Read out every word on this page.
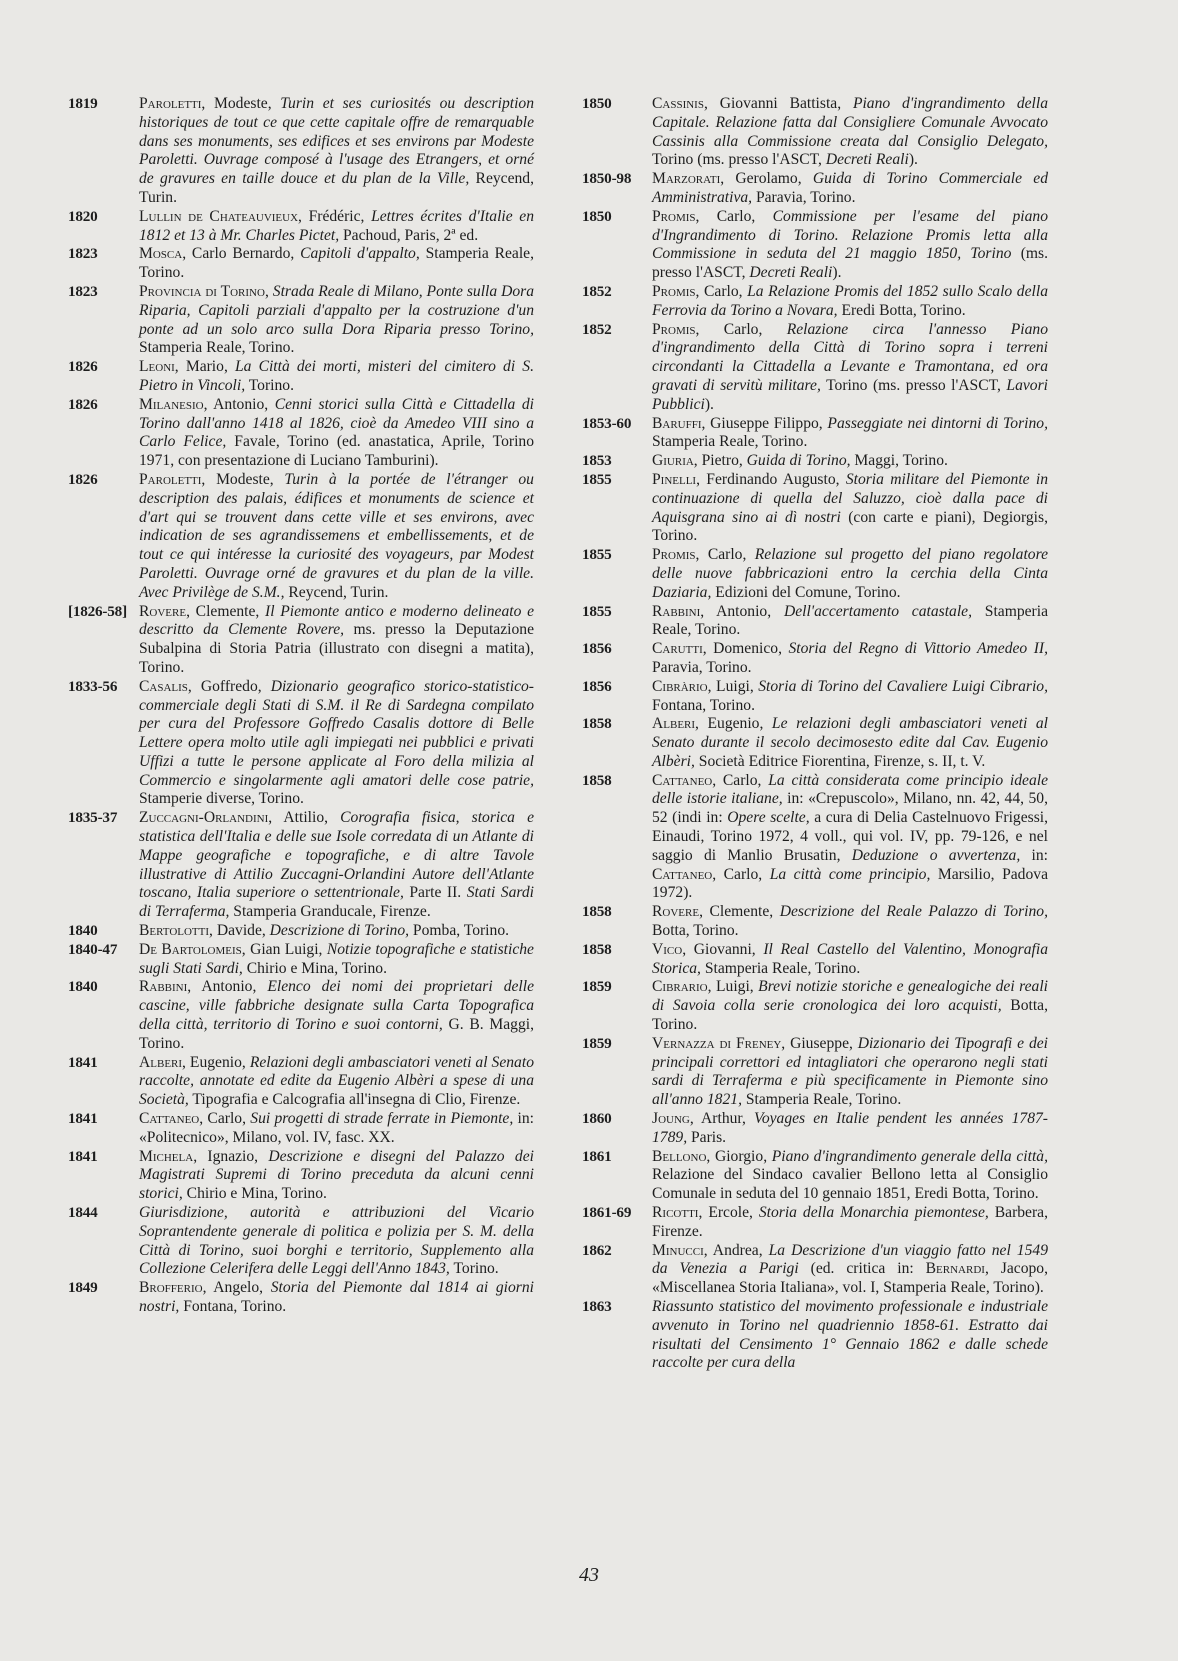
1819	Paroletti, Modeste, Turin et ses curiosités ou description historiques de tout ce que cette capitale offre de remarquable dans ses monuments, ses edifices et ses environs par Modeste Paroletti. Ouvrage composé à l'usage des Etrangers, et orné de gravures en taille douce et du plan de la Ville, Reycend, Turin.
1820	Lullin de Chateauvieux, Frédéric, Lettres écrites d'Italie en 1812 et 13 à Mr. Charles Pictet, Pachoud, Paris, 2ª ed.
1823	Mosca, Carlo Bernardo, Capitoli d'appalto, Stamperia Reale, Torino.
1823	Provincia di Torino, Strada Reale di Milano, Ponte sulla Dora Riparia, Capitoli parziali d'appalto per la costruzione d'un ponte ad un solo arco sulla Dora Riparia presso Torino, Stamperia Reale, Torino.
1826	Leoni, Mario, La Città dei morti, misteri del cimitero di S. Pietro in Vincoli, Torino.
1826	Milanesio, Antonio, Cenni storici sulla Città e Cittadella di Torino dall'anno 1418 al 1826, cioè da Amedeo VIII sino a Carlo Felice, Favale, Torino (ed. anastatica, Aprile, Torino 1971, con presentazione di Luciano Tamburini).
1826	Paroletti, Modeste, Turin à la portée de l'étranger ou description des palais, édifices et monuments de science et d'art qui se trouvent dans cette ville et ses environs, avec indication de ses agrandissemens et embellissements, et de tout ce qui intéresse la curiosité des voyageurs, par Modest Paroletti. Ouvrage orné de gravures et du plan de la ville. Avec Privilège de S.M., Reycend, Turin.
[1826-58] Rovere, Clemente, Il Piemonte antico e moderno delineato e descritto da Clemente Rovere, ms. presso la Deputazione Subalpina di Storia Patria (illustrato con disegni a matita), Torino.
1833-56	Casalis, Goffredo, Dizionario geografico storico-statistico-commerciale degli Stati di S.M. il Re di Sardegna compilato per cura del Professore Goffredo Casalis dottore di Belle Lettere opera molto utile agli impiegati nei pubblici e privati Uffizi a tutte le persone applicate al Foro della milizia al Commercio e singolarmente agli amatori delle cose patrie, Stamperie diverse, Torino.
1835-37	Zuccagni-Orlandini, Attilio, Corografia fisica, storica e statistica dell'Italia e delle sue Isole corredata di un Atlante di Mappe geografiche e topografiche, e di altre Tavole illustrative di Attilio Zuccagni-Orlandini Autore dell'Atlante toscano, Italia superiore o settentrionale, Parte II. Stati Sardi di Terraferma, Stamperia Granducale, Firenze.
1840	Bertolotti, Davide, Descrizione di Torino, Pomba, Torino.
1840-47	De Bartolomeis, Gian Luigi, Notizie topografiche e statistiche sugli Stati Sardi, Chirio e Mina, Torino.
1840	Rabbini, Antonio, Elenco dei nomi dei proprietari delle cascine, ville fabbriche designate sulla Carta Topografica della città, territorio di Torino e suoi contorni, G. B. Maggi, Torino.
1841	Alberi, Eugenio, Relazioni degli ambasciatori veneti al Senato raccolte, annotate ed edite da Eugenio Albèri a spese di una Società, Tipografia e Calcografia all'insegna di Clio, Firenze.
1841	Cattaneo, Carlo, Sui progetti di strade ferrate in Piemonte, in: «Politecnico», Milano, vol. IV, fasc. XX.
1841	Michela, Ignazio, Descrizione e disegni del Palazzo dei Magistrati Supremi di Torino preceduta da alcuni cenni storici, Chirio e Mina, Torino.
1844	Giurisdizione, autorità e attribuzioni del Vicario Soprantendente generale di politica e polizia per S. M. della Città di Torino, suoi borghi e territorio, Supplemento alla Collezione Celerifera delle Leggi dell'Anno 1843, Torino.
1849	Brofferio, Angelo, Storia del Piemonte dal 1814 ai giorni nostri, Fontana, Torino.
1850	Cassinis, Giovanni Battista, Piano d'ingrandimento della Capitale. Relazione fatta dal Consigliere Comunale Avvocato Cassinis alla Commissione creata dal Consiglio Delegato, Torino (ms. presso l'ASCT, Decreti Reali).
1850-98	Marzorati, Gerolamo, Guida di Torino Commerciale ed Amministrativa, Paravia, Torino.
1850	Promis, Carlo, Commissione per l'esame del piano d'Ingrandimento di Torino. Relazione Promis letta alla Commissione in seduta del 21 maggio 1850, Torino (ms. presso l'ASCT, Decreti Reali).
1852	Promis, Carlo, La Relazione Promis del 1852 sullo Scalo della Ferrovia da Torino a Novara, Eredi Botta, Torino.
1852	Promis, Carlo, Relazione circa l'annesso Piano d'ingrandimento della Città di Torino sopra i terreni circondanti la Cittadella a Levante e Tramontana, ed ora gravati di servitù militare, Torino (ms. presso l'ASCT, Lavori Pubblici).
1853-60	Baruffi, Giuseppe Filippo, Passeggiate nei dintorni di Torino, Stamperia Reale, Torino.
1853	Giuria, Pietro, Guida di Torino, Maggi, Torino.
1855	Pinelli, Ferdinando Augusto, Storia militare del Piemonte in continuazione di quella del Saluzzo, cioè dalla pace di Aquisgrana sino ai dì nostri (con carte e piani), Degiorgis, Torino.
1855	Promis, Carlo, Relazione sul progetto del piano regolatore delle nuove fabbricazioni entro la cerchia della Cinta Daziaria, Edizioni del Comune, Torino.
1855	Rabbini, Antonio, Dell'accertamento catastale, Stamperia Reale, Torino.
1856	Carutti, Domenico, Storia del Regno di Vittorio Amedeo II, Paravia, Torino.
1856	Cibràrio, Luigi, Storia di Torino del Cavaliere Luigi Cibrario, Fontana, Torino.
1858	Alberi, Eugenio, Le relazioni degli ambasciatori veneti al Senato durante il secolo decimosesto edite dal Cav. Eugenio Albèri, Società Editrice Fiorentina, Firenze, s. II, t. V.
1858	Cattaneo, Carlo, La città considerata come principio ideale delle istorie italiane, in: «Crepuscolo», Milano, nn. 42, 44, 50, 52 (indi in: Opere scelte, a cura di Delia Castelnuovo Frigessi, Einaudi, Torino 1972, 4 voll., qui vol. IV, pp. 79-126, e nel saggio di Manlio Brusatin, Deduzione o avvertenza, in: Cattaneo, Carlo, La città come principio, Marsilio, Padova 1972).
1858	Rovere, Clemente, Descrizione del Reale Palazzo di Torino, Botta, Torino.
1858	Vico, Giovanni, Il Real Castello del Valentino, Monografia Storica, Stamperia Reale, Torino.
1859	Cibrario, Luigi, Brevi notizie storiche e genealogiche dei reali di Savoia colla serie cronologica dei loro acquisti, Botta, Torino.
1859	Vernazza di Freney, Giuseppe, Dizionario dei Tipografi e dei principali correttori ed intagliatori che operarono negli stati sardi di Terraferma e più specificamente in Piemonte sino all'anno 1821, Stamperia Reale, Torino.
1860	Joung, Arthur, Voyages en Italie pendent les années 1787-1789, Paris.
1861	Bellono, Giorgio, Piano d'ingrandimento generale della città, Relazione del Sindaco cavalier Bellono letta al Consiglio Comunale in seduta del 10 gennaio 1851, Eredi Botta, Torino.
1861-69	Ricotti, Ercole, Storia della Monarchia piemontese, Barbera, Firenze.
1862	Minucci, Andrea, La Descrizione d'un viaggio fatto nel 1549 da Venezia a Parigi (ed. critica in: Bernardi, Jacopo, «Miscellanea Storia Italiana», vol. I, Stamperia Reale, Torino).
1863	Riassunto statistico del movimento professionale e industriale avvenuto in Torino nel quadriennio 1858-61. Estratto dai risultati del Censimento 1° Gennaio 1862 e dalle schede raccolte per cura della
43
